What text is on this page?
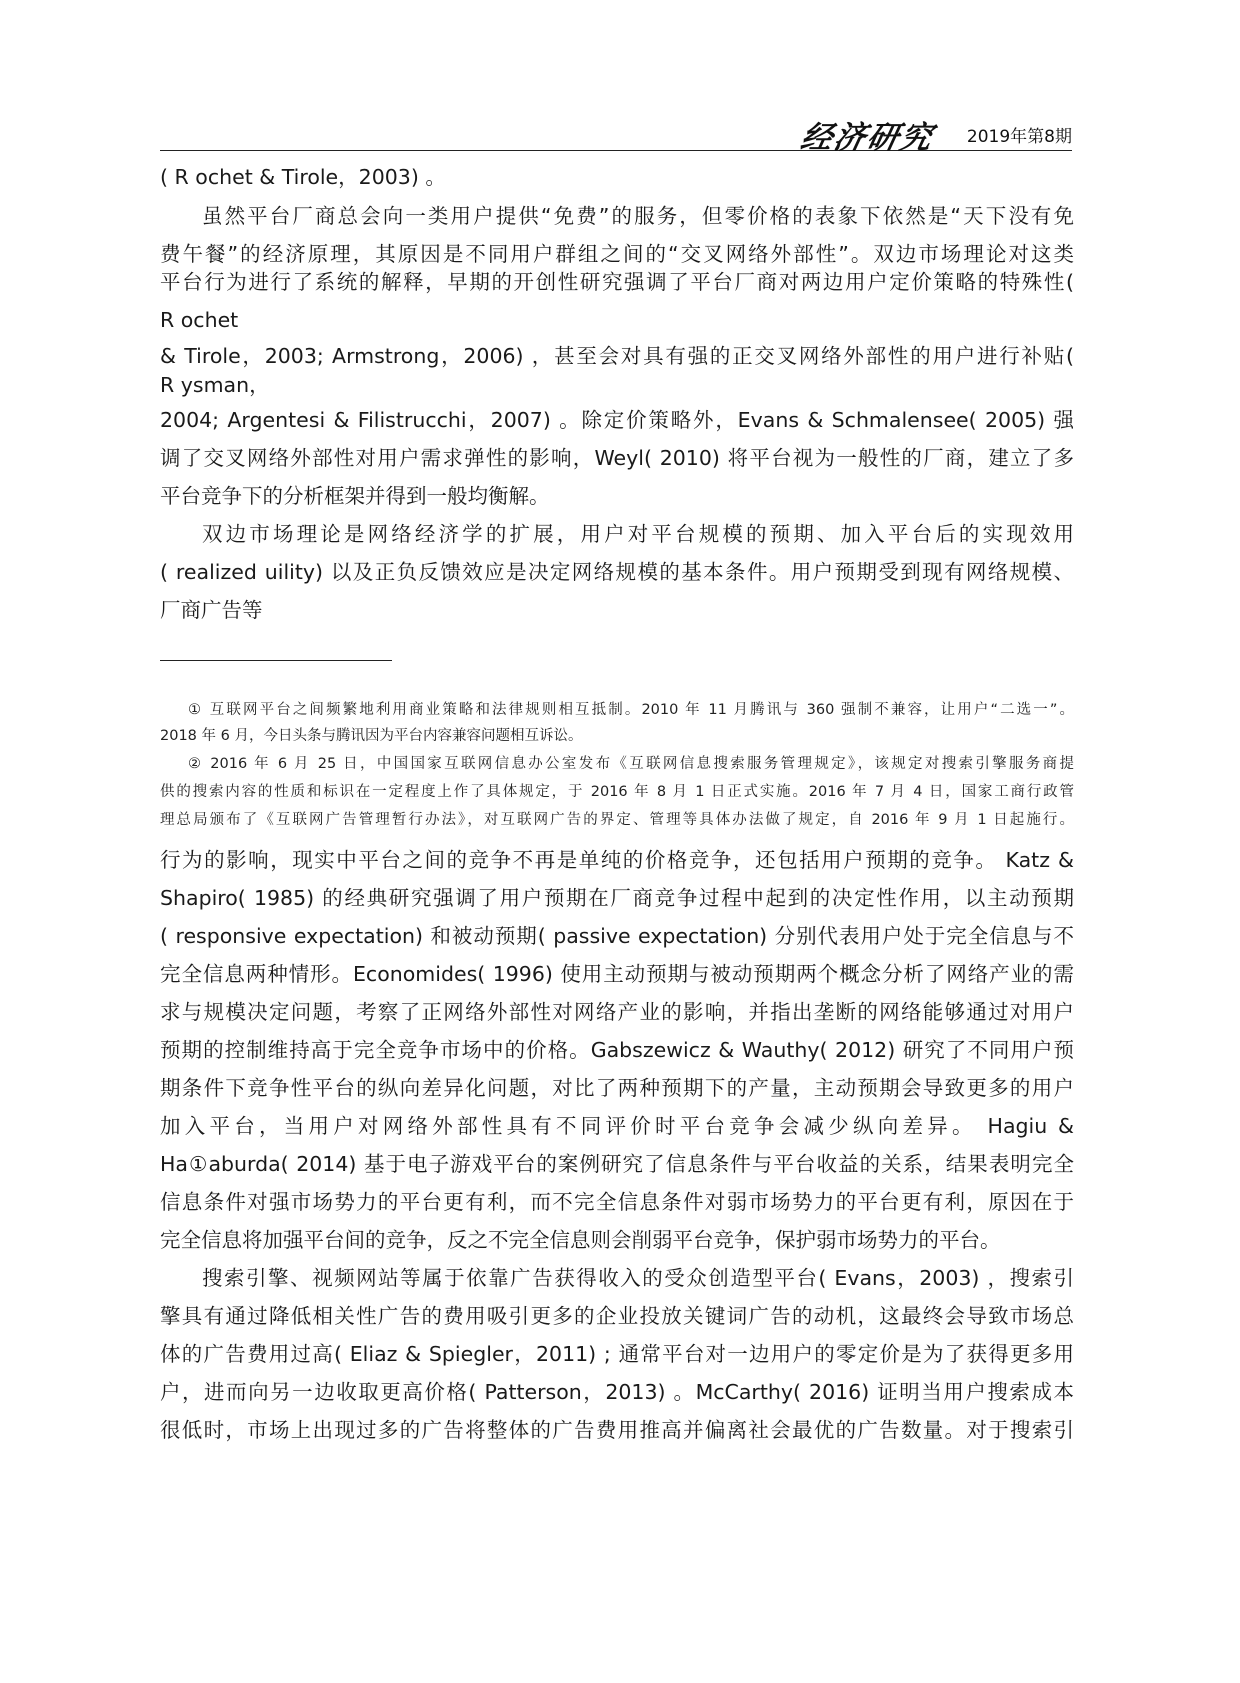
经济研究 2019年第8期
( R ochet & Tirole，2003) 。
虽然平台厂商总会向一类用户提供“免费”的服务，但零价格的表象下依然是“天下没有免
费午餐”的经济原理，其原因是不同用户群组之间的“交叉网络外部性”。双边市场理论对这类
平台行为进行了系统的解释，早期的开创性研究强调了平台厂商对两边用户定价策略的特殊性(
R ochet
& Tirole，2003; Armstrong，2006) ，甚至会对具有强的正交叉网络外部性的用户进行补贴(
R ysman，
2004; Argentesi & Filistrucchi，2007) 。除定价策略外，Evans & Schmalensee( 2005) 强
调了交叉网络外部性对用户需求弹性的影响，Weyl( 2010) 将平台视为一般性的厂商，建立了多
平台竞争下的分析框架并得到一般均衡解。
双边市场理论是网络经济学的扩展，用户对平台规模的预期、加入平台后的实现效用
( realized uility) 以及正负反馈效应是决定网络规模的基本条件。用户预期受到现有网络规模、
厂商广告等
① 互联网平台之间频繁地利用商业策略和法律规则相互抵制。2010 年 11 月腾讯与 360 强制不兼容，让用户“二选一”。
2018 年 6 月，今日头条与腾讯因为平台内容兼容问题相互诉讼。
② 2016 年 6 月 25 日，中国国家互联网信息办公室发布《互联网信息搜索服务管理规定》，该规定对搜索引擎服务商提
供的搜索内容的性质和标识在一定程度上作了具体规定，于 2016 年 8 月 1 日正式实施。2016 年 7 月 4 日，国家工商行政管
理总局颁布了《互联网广告管理暂行办法》，对互联网广告的界定、管理等具体办法做了规定，自 2016 年 9 月 1 日起施行。
行为的影响，现实中平台之间的竞争不再是单纯的价格竞争，还包括用户预期的竞争。 Katz &
Shapiro( 1985) 的经典研究强调了用户预期在厂商竞争过程中起到的决定性作用，以主动预期
( responsive expectation) 和被动预期( passive expectation) 分别代表用户处于完全信息与不
完全信息两种情形。Economides( 1996) 使用主动预期与被动预期两个概念分析了网络产业的需
求与规模决定问题，考察了正网络外部性对网络产业的影响，并指出垄断的网络能够通过对用户
预期的控制维持高于完全竞争市场中的价格。Gabszewicz & Wauthy( 2012) 研究了不同用户预
期条件下竞争性平台的纵向差异化问题，对比了两种预期下的产量，主动预期会导致更多的用户
加入平台，当用户对网络外部性具有不同评价时平台竞争会减少纵向差异。 Hagiu &
Ha①aburda( 2014) 基于电子游戏平台的案例研究了信息条件与平台收益的关系，结果表明完全
信息条件对强市场势力的平台更有利，而不完全信息条件对弱市场势力的平台更有利，原因在于
完全信息将加强平台间的竞争，反之不完全信息则会削弱平台竞争，保护弱市场势力的平台。
搜索引擎、视频网站等属于依靠广告获得收入的受众创造型平台( Evans，2003) ，搜索引
擎具有通过降低相关性广告的费用吸引更多的企业投放关键词广告的动机，这最终会导致市场总
体的广告费用过高( Eliaz & Spiegler，2011) ; 通常平台对一边用户的零定价是为了获得更多用
户，进而向另一边收取更高价格( Patterson，2013) 。McCarthy( 2016) 证明当用户搜索成本
很低时，市场上出现过多的广告将整体的广告费用推高并偏离社会最优的广告数量。对于搜索引
